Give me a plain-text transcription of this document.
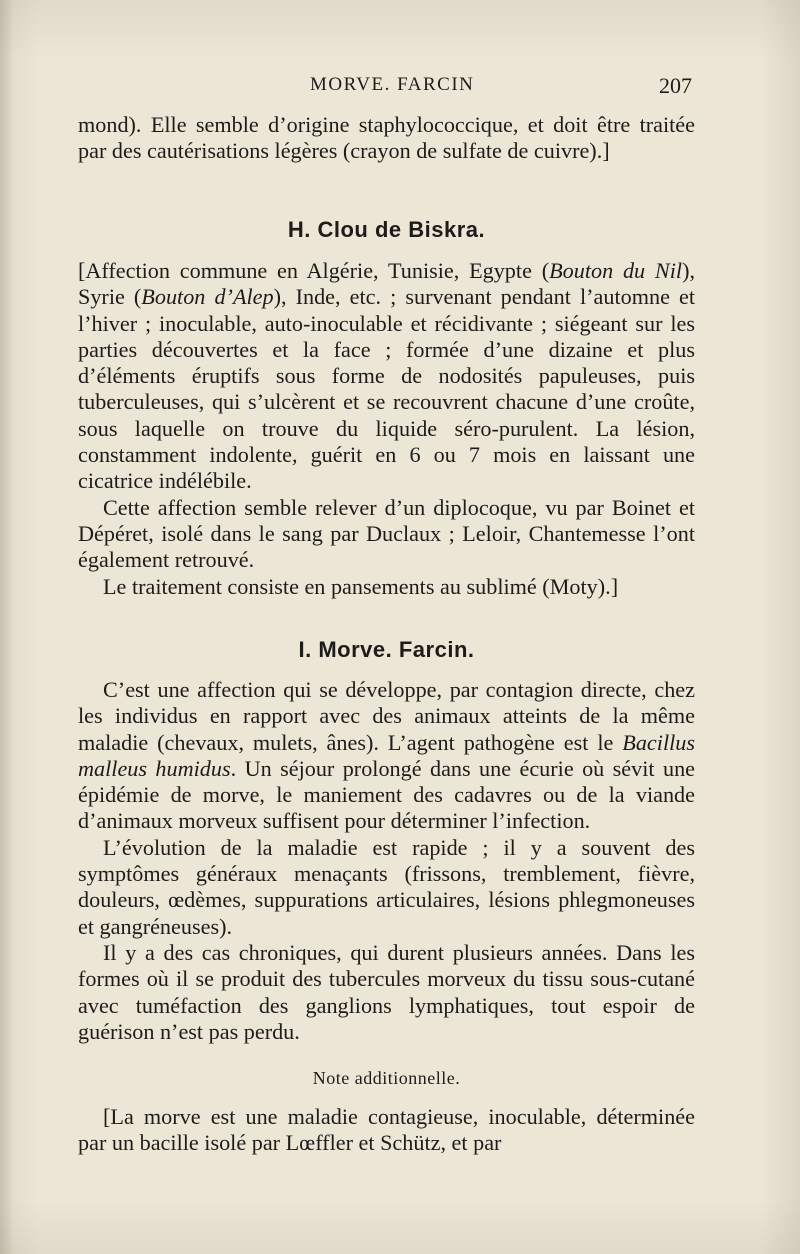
MORVE. FARCIN	207

mond). Elle semble d’origine staphylococcique, et doit être traitée par des cautérisations légères (crayon de sulfate de cuivre).]

H. Clou de Biskra.

[Affection commune en Algérie, Tunisie, Egypte (Bouton du Nil), Syrie (Bouton d’Alep), Inde, etc. ; survenant pendant l’automne et l’hiver ; inoculable, auto-inoculable et récidivante ; siégeant sur les parties découvertes et la face ; formée d’une dizaine et plus d’éléments éruptifs sous forme de nodosités papuleuses, puis tuberculeuses, qui s’ulcèrent et se recouvrent chacune d’une croûte, sous laquelle on trouve du liquide séro-purulent. La lésion, constamment indolente, guérit en 6 ou 7 mois en laissant une cicatrice indélébile.

Cette affection semble relever d’un diplocoque, vu par Boinet et Dépéret, isolé dans le sang par Duclaux ; Leloir, Chantemesse l’ont également retrouvé.

Le traitement consiste en pansements au sublimé (Moty).]

I. Morve. Farcin.

C’est une affection qui se développe, par contagion directe, chez les individus en rapport avec des animaux atteints de la même maladie (chevaux, mulets, ânes). L’agent pathogène est le Bacillus malleus humidus. Un séjour prolongé dans une écurie où sévit une épidémie de morve, le maniement des cadavres ou de la viande d’animaux morveux suffisent pour déterminer l’infection.

L’évolution de la maladie est rapide ; il y a souvent des symptômes généraux menaçants (frissons, tremblement, fièvre, douleurs, œdèmes, suppurations articulaires, lésions phlegmoneuses et gangréneuses).

Il y a des cas chroniques, qui durent plusieurs années. Dans les formes où il se produit des tubercules morveux du tissu sous-cutané avec tuméfaction des ganglions lymphatiques, tout espoir de guérison n’est pas perdu.

Note additionnelle.

[La morve est une maladie contagieuse, inoculable, déterminée par un bacille isolé par Lœffler et Schütz, et par
